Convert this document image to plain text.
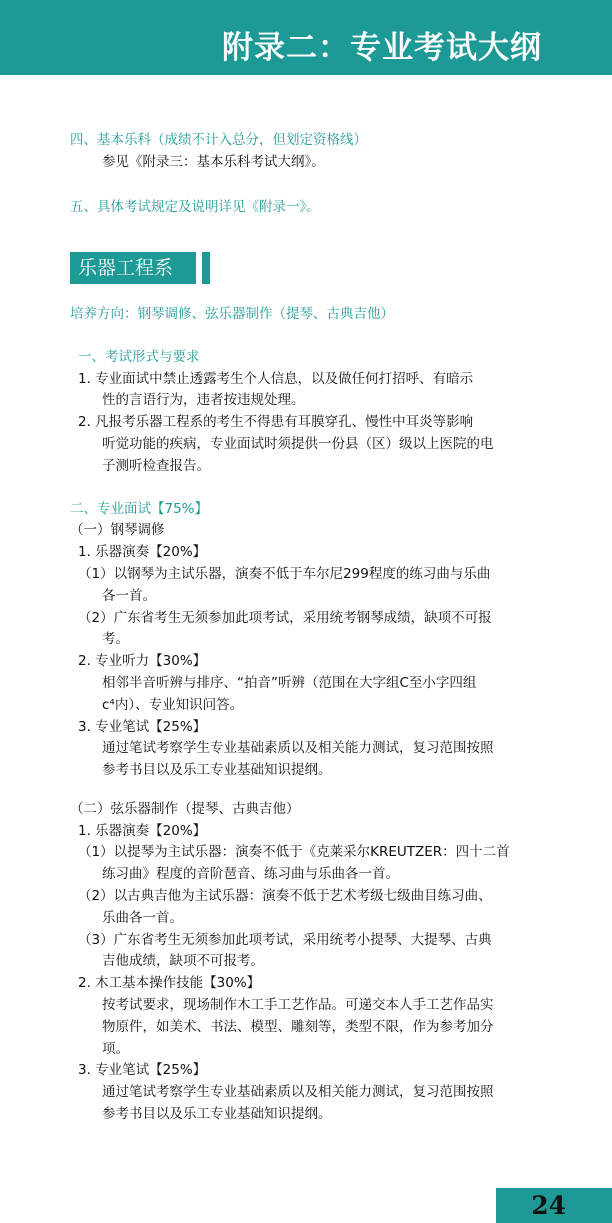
附录二：专业考试大纲
四、基本乐科（成绩不计入总分，但划定资格线）
参见《附录三：基本乐科考试大纲》。
五、具体考试规定及说明详见《附录一》。
乐器工程系
培养方向：钢琴调修、弦乐器制作（提琴、古典吉他）
一、考试形式与要求
1. 专业面试中禁止透露考生个人信息，以及做任何打招呼、有暗示
性的言语行为，违者按违规处理。
2. 凡报考乐器工程系的考生不得患有耳膜穿孔、慢性中耳炎等影响
听觉功能的疾病，专业面试时须提供一份县（区）级以上医院的电
子测听检查报告。
二、专业面试【75%】
（一）钢琴调修
1. 乐器演奏【20%】
（1）以钢琴为主试乐器，演奏不低于车尔尼299程度的练习曲与乐曲
各一首。
（2）广东省考生无须参加此项考试，采用统考钢琴成绩，缺项不可报
考。
2. 专业听力【30%】
相邻半音听辨与排序、“拍音”听辨（范围在大字组C至小字四组
c⁴内）、专业知识问答。
3. 专业笔试【25%】
通过笔试考察学生专业基础素质以及相关能力测试，复习范围按照
参考书目以及乐工专业基础知识提纲。
（二）弦乐器制作（提琴、古典吉他）
1. 乐器演奏【20%】
（1）以提琴为主试乐器：演奏不低于《克莱采尔KREUTZER：四十二首
练习曲》程度的音阶琶音、练习曲与乐曲各一首。
（2）以古典吉他为主试乐器：演奏不低于艺术考级七级曲目练习曲、
乐曲各一首。
（3）广东省考生无须参加此项考试，采用统考小提琴、大提琴、古典
吉他成绩，缺项不可报考。
2. 木工基本操作技能【30%】
按考试要求，现场制作木工手工艺作品。可递交本人手工艺作品实
物原件，如美术、书法、模型、雕刻等，类型不限，作为参考加分
项。
3. 专业笔试【25%】
通过笔试考察学生专业基础素质以及相关能力测试，复习范围按照
参考书目以及乐工专业基础知识提纲。
24
